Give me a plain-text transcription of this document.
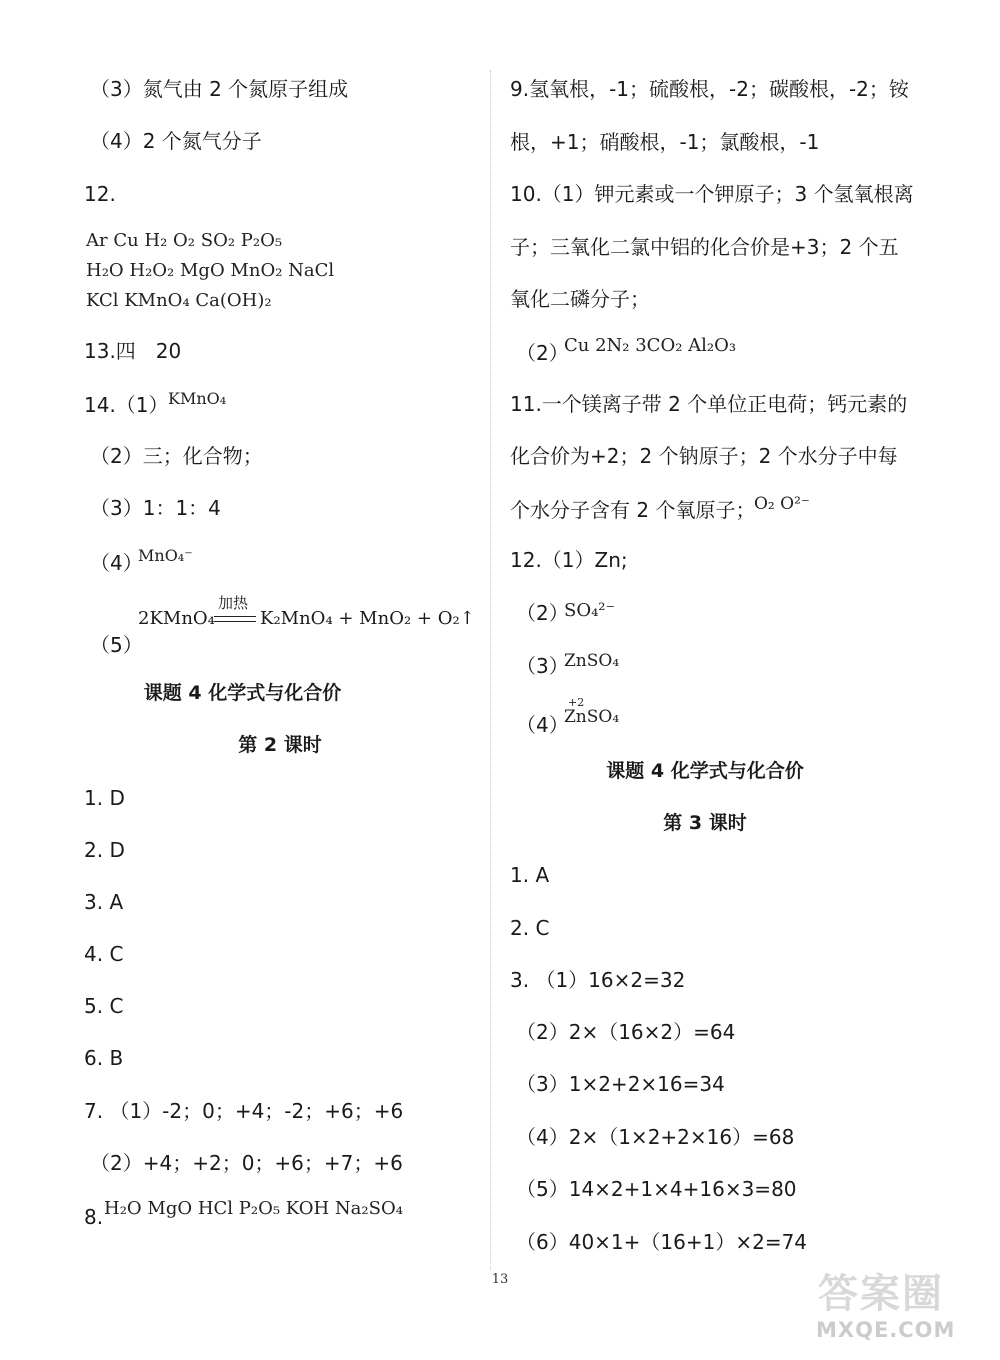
（3）氮气由 2 个氮原子组成
（4）2 个氮气分子
12.
Ar Cu H₂ O₂ SO₂ P₂O₅
H₂O H₂O₂ MgO MnO₂ NaCl
KCl KMnO₄ Ca(OH)₂
13.四　20
14.（1） KMnO₄
（2）三；化合物；
（3）1：1：4
（4）
MnO₄⁻
2KMnO₄
加热
K₂MnO₄ + MnO₂ + O₂↑
（5）
课题 4 化学式与化合价
第 2 课时
1. D
2. D
3. A
4. C
5. C
6. B
7. （1）-2；0；+4；-2；+6；+6
（2）+4；+2；0；+6；+7；+6
8. H₂O MgO HCl P₂O₅ KOH Na₂SO₄
9.氢氧根，-1；硫酸根，-2；碳酸根，-2；铵
根，+1；硝酸根，-1；氯酸根，-1
10.（1）钾元素或一个钾原子；3 个氢氧根离
子；三氧化二氯中铝的化合价是+3；2 个五
氧化二磷分子；
（2）
Cu 2N₂ 3CO₂ Al₂O₃
11.一个镁离子带 2 个单位正电荷；钙元素的
化合价为+2；2 个钠原子；2 个水分子中每
个水分子含有 2 个氧原子；
O₂ O²⁻
12.（1）Zn;
（2）
SO₄²⁻
（3）
ZnSO₄
（4）
+2
ZnSO₄
课题 4 化学式与化合价
第 3 课时
1. A
2. C
3. （1）16×2=32
（2）2×（16×2）=64
（3）1×2+2×16=34
（4）2×（1×2+2×16）=68
（5）14×2+1×4+16×3=80
（6）40×1+（16+1）×2=74
13	答案圈
MXQE.COM
